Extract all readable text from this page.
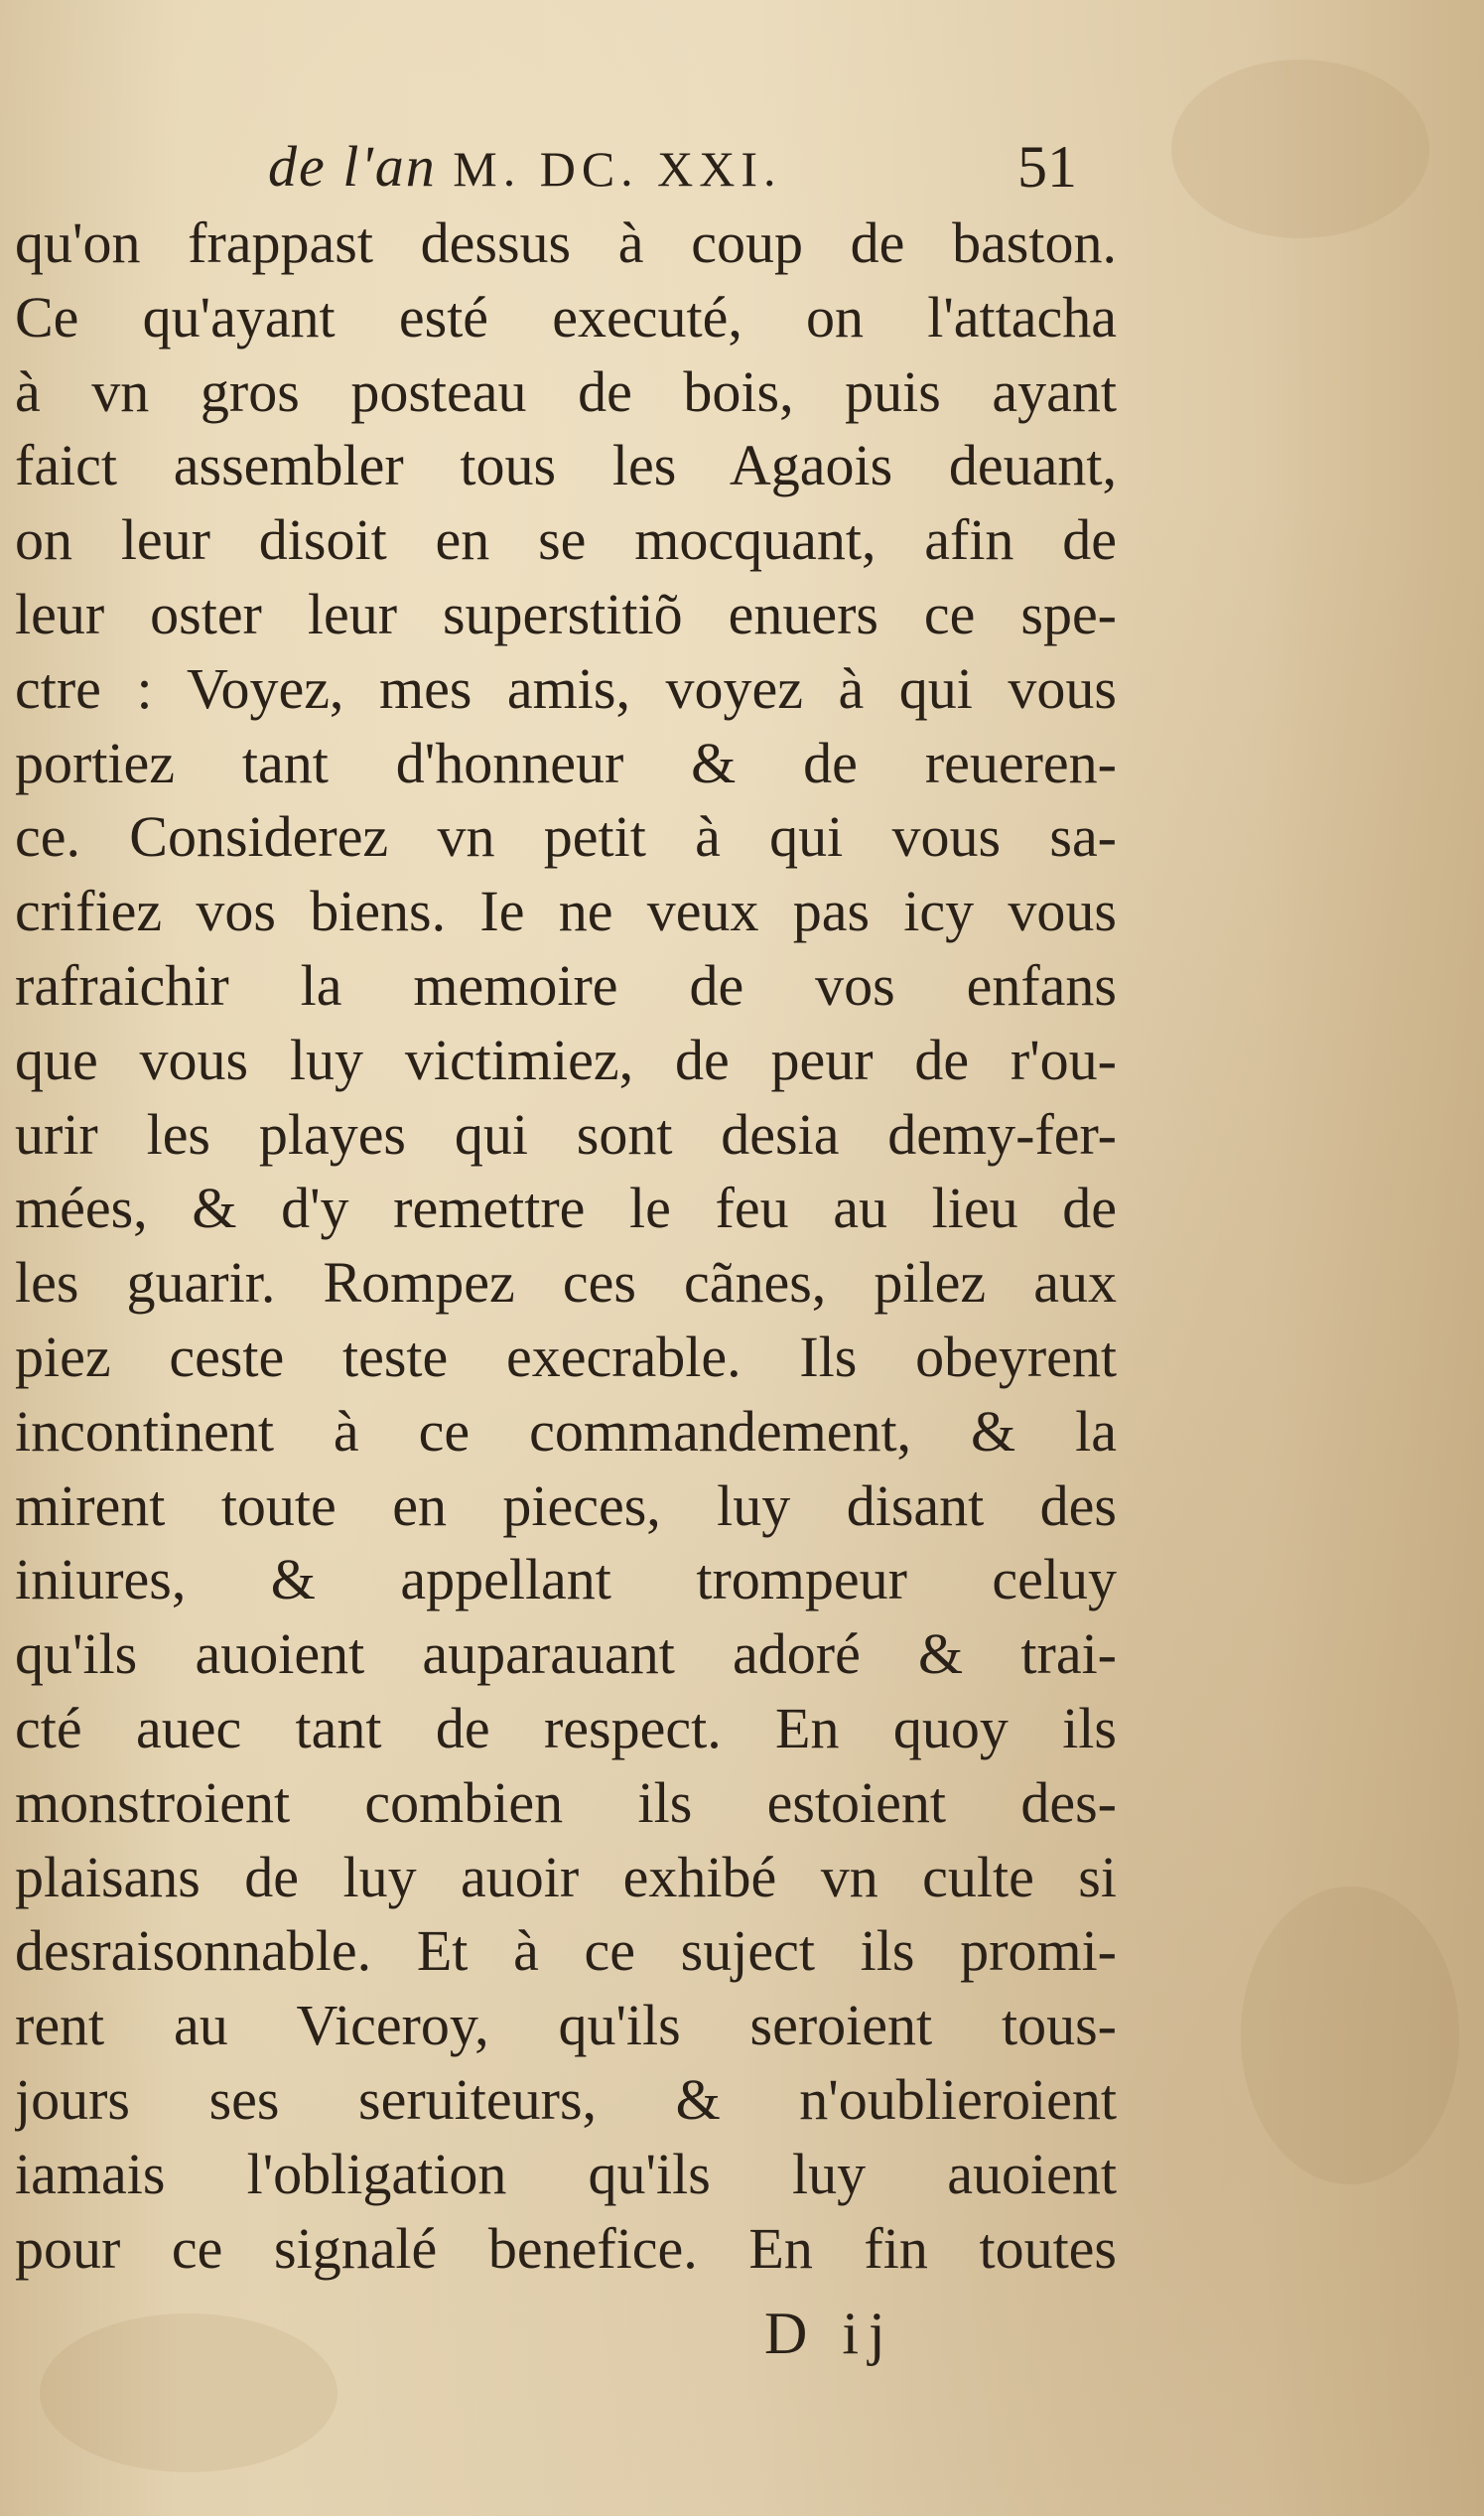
de l'an M. DC. XXI.	51
qu'on frappast dessus à coup de baston.
Ce qu'ayant esté executé, on l'attacha
à vn gros posteau de bois, puis ayant
faict assembler tous les Agaois deuant,
on leur disoit en se mocquant, afin de
leur oster leur superstitiõ enuers ce spe-
ctre : Voyez, mes amis, voyez à qui vous
portiez tant d'honneur & de reueren-
ce. Considerez vn petit à qui vous sa-
crifiez vos biens. Ie ne veux pas icy vous
rafraichir la memoire de vos enfans
que vous luy victimiez, de peur de r'ou-
urir les playes qui sont desia demy-fer-
mées, & d'y remettre le feu au lieu de
les guarir. Rompez ces cãnes, pilez aux
piez ceste teste execrable. Ils obeyrent
incontinent à ce commandement, & la
mirent toute en pieces, luy disant des
iniures, & appellant trompeur celuy
qu'ils auoient auparauant adoré & trai-
cté auec tant de respect. En quoy ils
monstroient combien ils estoient des-
plaisans de luy auoir exhibé vn culte si
desraisonnable. Et à ce suject ils promi-
rent au Viceroy, qu'ils seroient tous-
jours ses seruiteurs, & n'oublieroient
iamais l'obligation qu'ils luy auoient
pour ce signalé benefice. En fin toutes
D ij
